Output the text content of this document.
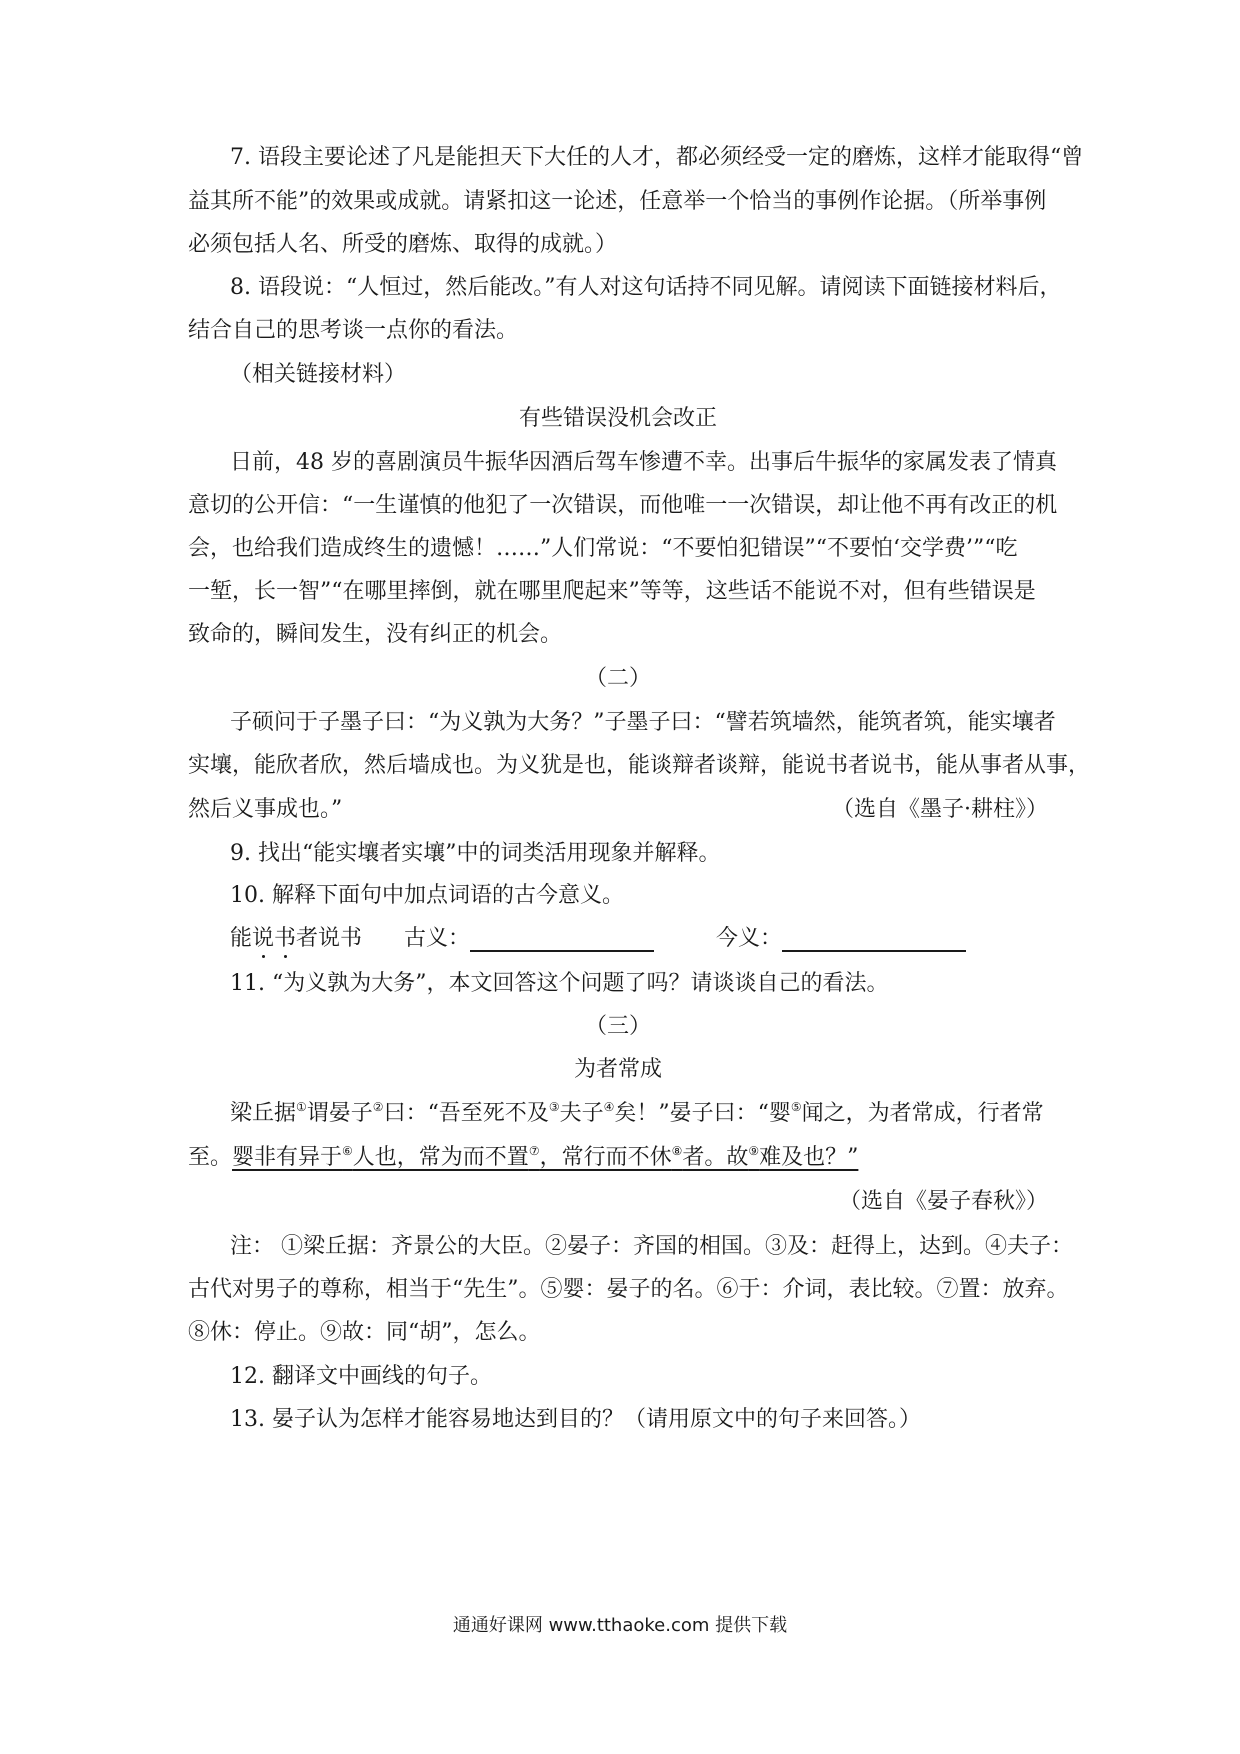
7. 语段主要论述了凡是能担天下大任的人才，都必须经受一定的磨炼，这样才能取得“曾
益其所不能”的效果或成就。请紧扣这一论述，任意举一个恰当的事例作论据。（所举事例
必须包括人名、所受的磨炼、取得的成就。）
8. 语段说：“人恒过，然后能改。”有人对这句话持不同见解。请阅读下面链接材料后，
结合自己的思考谈一点你的看法。
（相关链接材料）
有些错误没机会改正
日前，48 岁的喜剧演员牛振华因酒后驾车惨遭不幸。出事后牛振华的家属发表了情真
意切的公开信：“一生谨慎的他犯了一次错误，而他唯一一次错误，却让他不再有改正的机
会，也给我们造成终生的遗憾！……”人们常说：“不要怕犯错误”“不要怕‘交学费’”“吃
一堑，长一智”“在哪里摔倒，就在哪里爬起来”等等，这些话不能说不对，但有些错误是
致命的，瞬间发生，没有纠正的机会。
（二）
子硕问于子墨子曰：“为义孰为大务？”子墨子曰：“譬若筑墙然，能筑者筑，能实壤者
实壤，能欣者欣，然后墙成也。为义犹是也，能谈辩者谈辩，能说书者说书，能从事者从事，
然后义事成也。”	（选自《墨子·耕柱》）
9. 找出“能实壤者实壤”中的词类活用现象并解释。
10. 解释下面句中加点词语的古今意义。
能说书者说书 古义：	今义：
11. “为义孰为大务”，本文回答这个问题了吗？请谈谈自己的看法。
（三）
为者常成
梁丘据①谓晏子②曰：“吾至死不及③夫子④矣！”晏子曰：“婴⑤闻之，为者常成，行者常
至。婴非有异于⑥人也，常为而不置⑦，常行而不休⑧者。故⑨难及也？”
（选自《晏子春秋》）
注： ①梁丘据：齐景公的大臣。②晏子：齐国的相国。③及：赶得上，达到。④夫子：
古代对男子的尊称，相当于“先生”。⑤婴：晏子的名。⑥于：介词，表比较。⑦置：放弃。
⑧休：停止。⑨故：同“胡”，怎么。
12. 翻译文中画线的句子。
13. 晏子认为怎样才能容易地达到目的？（请用原文中的句子来回答。）
通通好课网 www.tthaoke.com 提供下载
